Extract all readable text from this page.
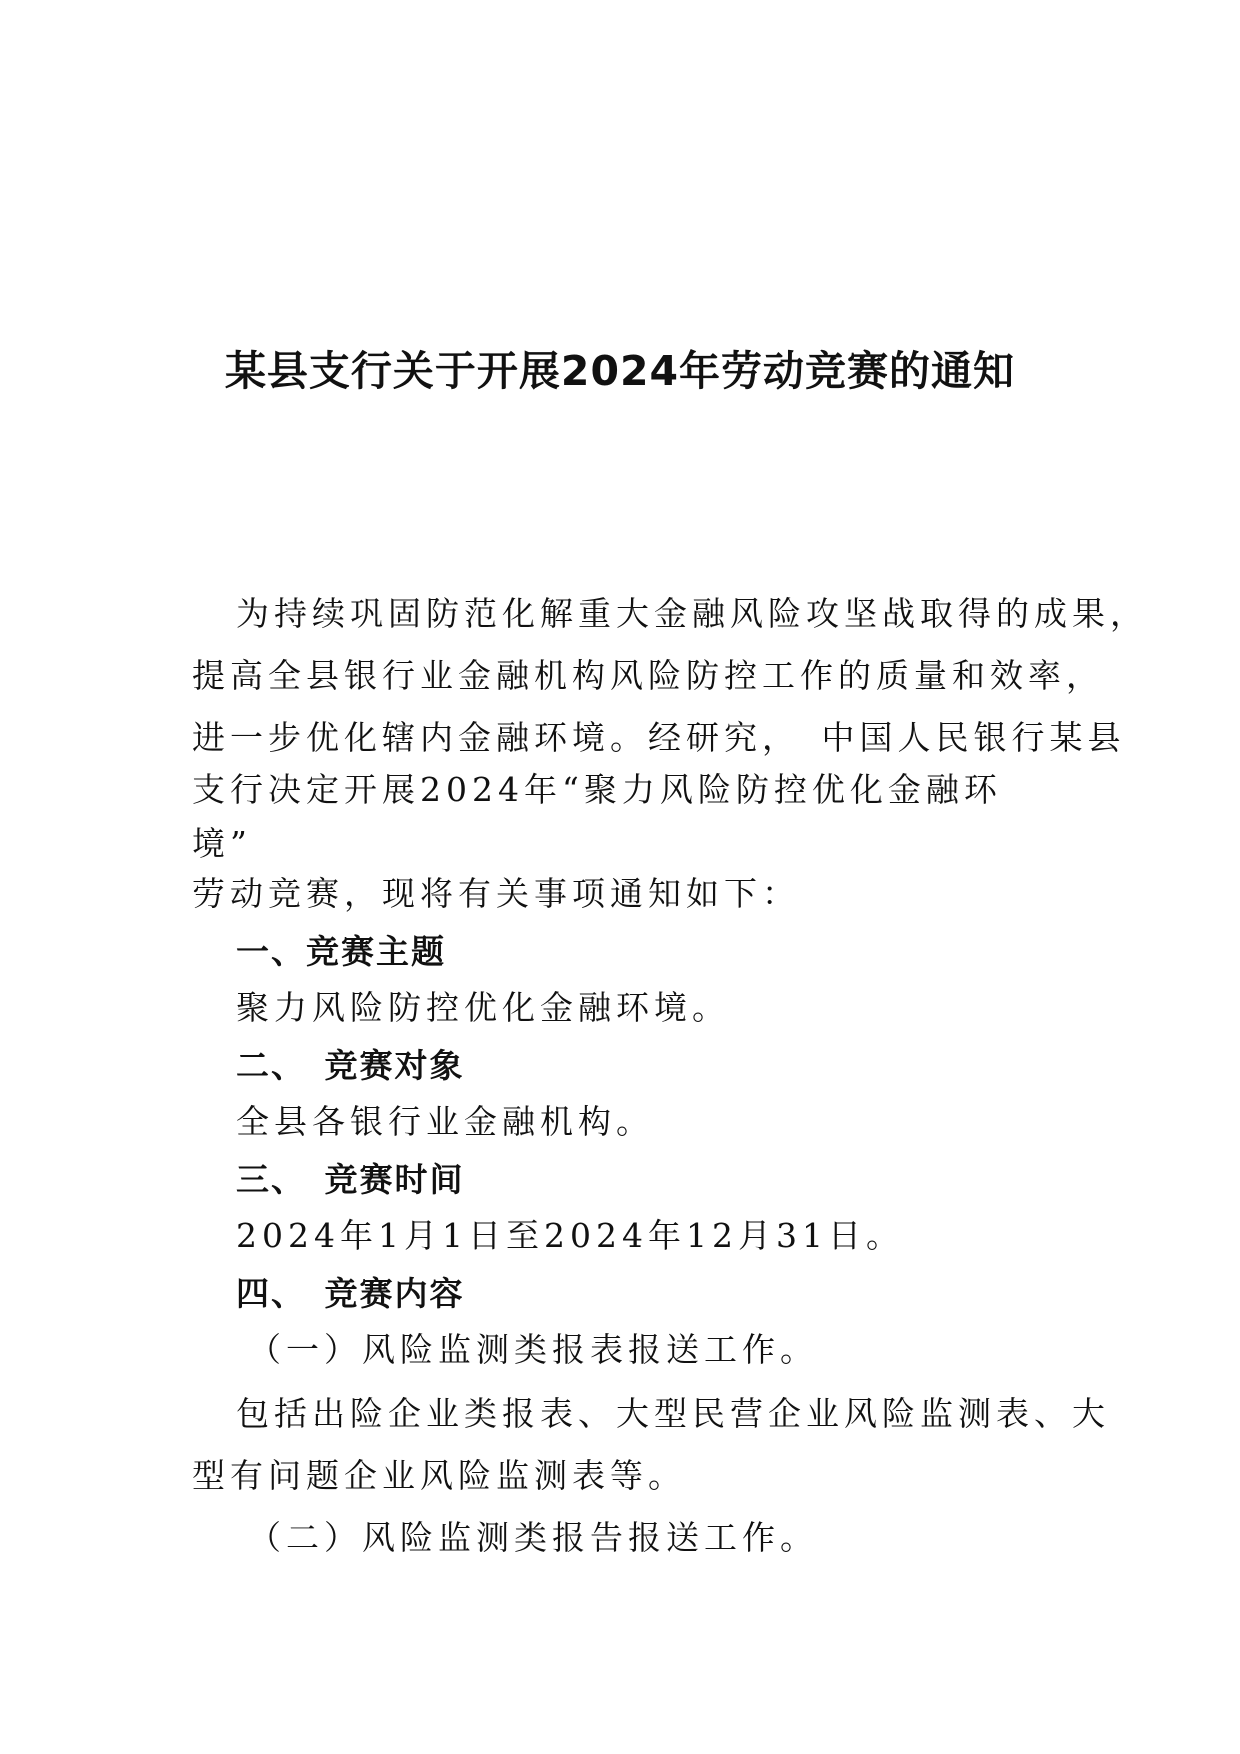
某县支行关于开展2024年劳动竞赛的通知
为持续巩固防范化解重大金融风险攻坚战取得的成果，
提高全县银行业金融机构风险防控工作的质量和效率，
进一步优化辖内金融环境。经研究，　中国人民银行某县
支行决定开展2024年“聚力风险防控优化金融环
境”
劳动竞赛，现将有关事项通知如下：
一、竞赛主题
聚力风险防控优化金融环境。
二、　竞赛对象
全县各银行业金融机构。
三、　竞赛时间
2024年1月1日至2024年12月31日。
四、　竞赛内容
（一）风险监测类报表报送工作。
包括出险企业类报表、大型民营企业风险监测表、大
型有问题企业风险监测表等。
（二）风险监测类报告报送工作。
